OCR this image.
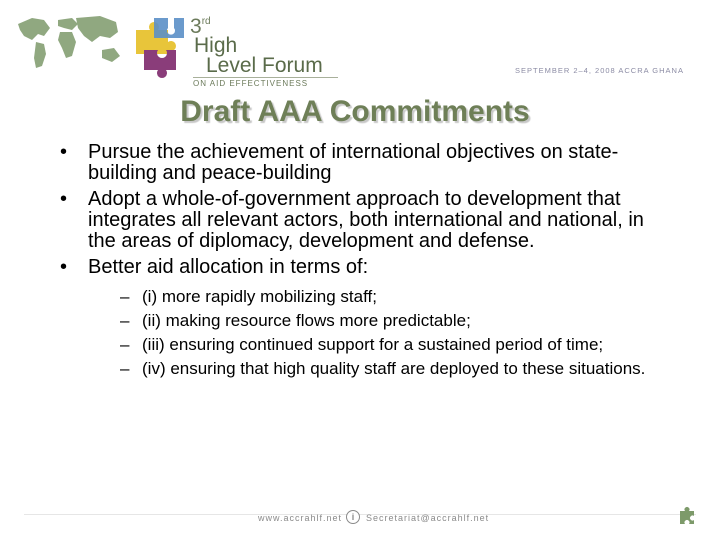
3rd
High
Level Forum
ON AID EFFECTIVENESS
SEPTEMBER 2–4, 2008 ACCRA GHANA
Draft AAA Commitments
• Pursue the achievement of international objectives on state-building and peace-building
• Adopt a whole-of-government approach to development that integrates all relevant actors, both international and national, in the areas of diplomacy, development and defense.
• Better aid allocation in terms of:
– (i) more rapidly mobilizing staff;
– (ii) making resource flows more predictable;
– (iii) ensuring continued support for a sustained period of time;
– (iv) ensuring that high quality staff are deployed to these situations.
www.accrahlf.net	i	Secretariat@accrahlf.net
